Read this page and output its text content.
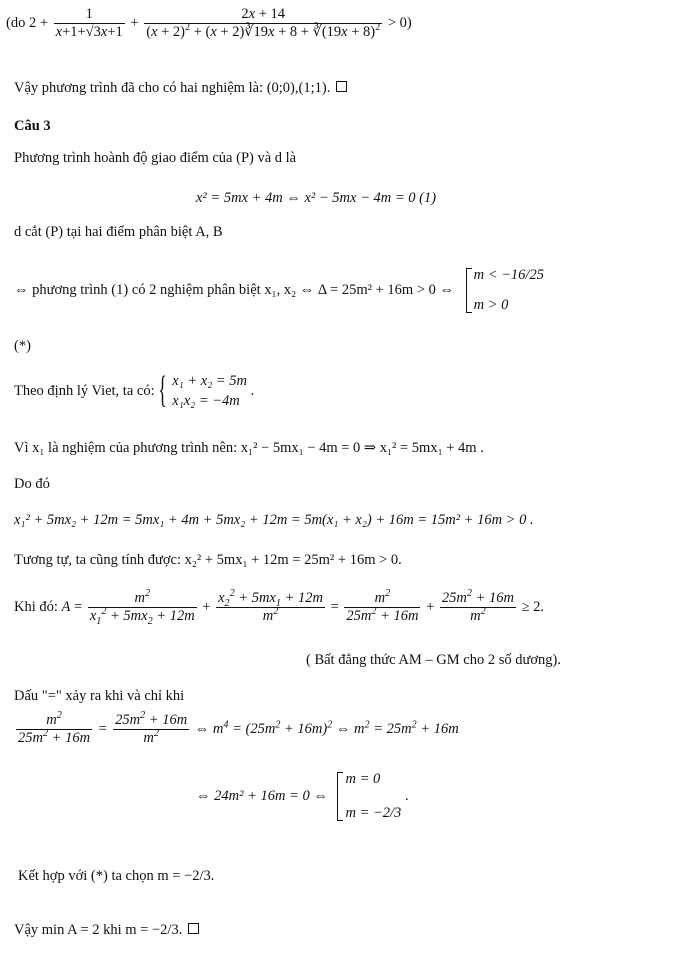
(do $2 + \frac{1}{x+1+√3x+1} + \frac{2x + 14}{(x + 2)^2 + (x + 2)∛19x + 8 + ∛(19x + 8)^2} > 0$)
Vậy phương trình đã cho có hai nghiệm là: (0;0),(1;1).
Câu 3
Phương trình hoành độ giao điểm của (P) và d là
x² = 5mx + 4m ⇔ x² − 5mx − 4m = 0 (1)
d cắt (P) tại hai điểm phân biệt A, B
⇔ phương trình (1) có 2 nghiệm phân biệt x₁, x₂ ⇔ Δ = 25m² + 16m > 0 ⇔
m < −16/25
m > 0
(*)
Theo định lý Viet, ta có:
{ x₁ + x₂ = 5m
x₁x₂ = −4m
.
Vì x₁ là nghiệm của phương trình nên: x₁² − 5mx₁ − 4m = 0 ⇒ x₁² = 5mx₁ + 4m .
Do đó
x₁² + 5mx₂ + 12m = 5mx₁ + 4m + 5mx₂ + 12m = 5m(x₁ + x₂) + 16m = 15m² + 16m > 0 .
Tương tự, ta cũng tính được: x₂² + 5mx₁ + 12m = 25m² + 16m > 0.
Khi đó: $A = \frac{m^2}{x_1^2 + 5mx_2 + 12m} + \frac{x_2^2 + 5mx_1 + 12m}{m^2} = \frac{m^2}{25m^2 + 16m} + \frac{25m^2 + 16m}{m^2} \ge 2$.
( Bất đẳng thức AM – GM cho 2 số dương).
Dấu "=" xảy ra khi và chỉ khi
$\frac{m^2}{25m^2 + 16m} = \frac{25m^2 + 16m}{m^2}$ ⇔ $m^4 = (25m^2 + 16m)^2$ ⇔ $m^2 = 25m^2 + 16m$
⇔ 24m² + 16m = 0 ⇔
m = 0
m = −2/3
.
Kết hợp với (*) ta chọn m = −2/3.
Vậy min A = 2 khi m = −2/3.
